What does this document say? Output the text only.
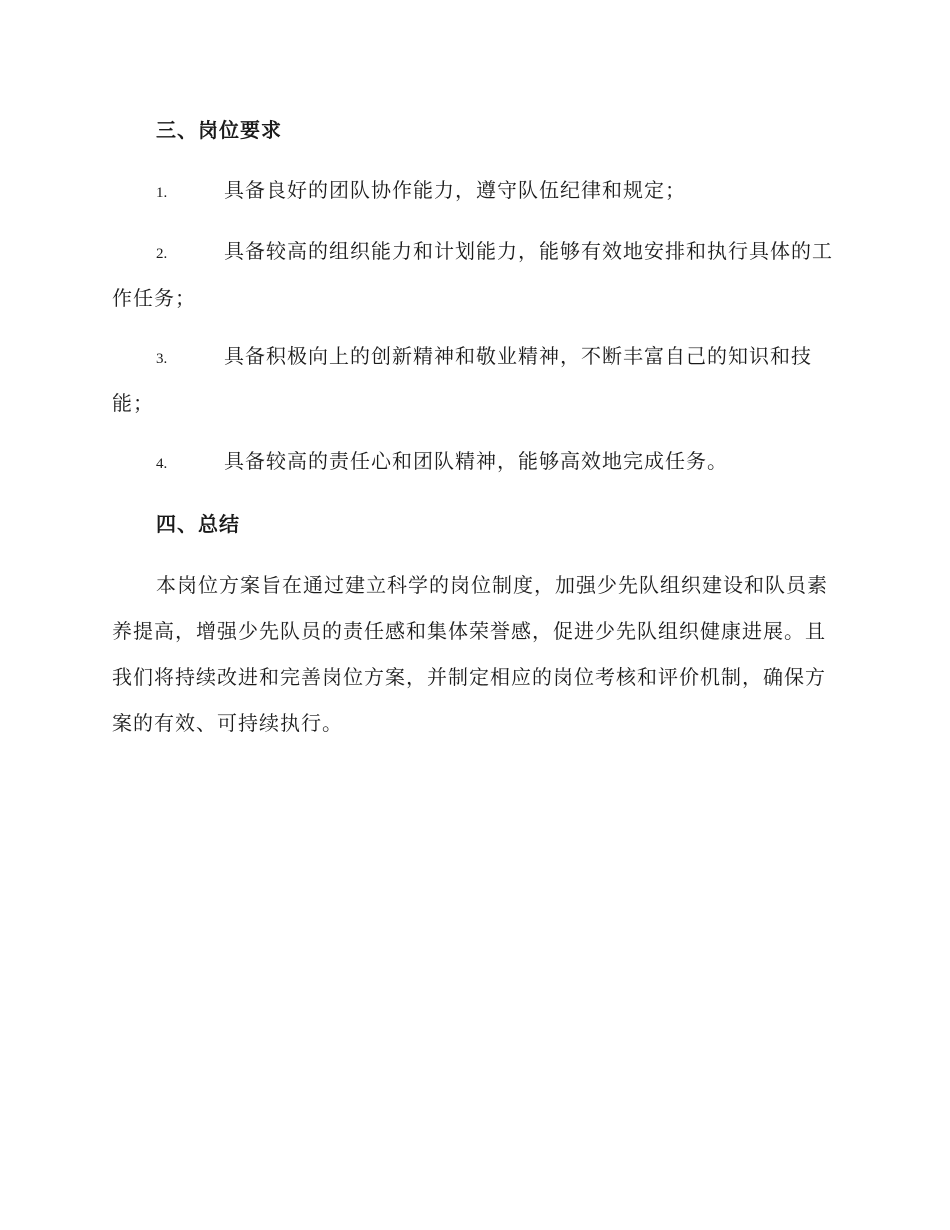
三、岗位要求

1.	具备良好的团队协作能力，遵守队伍纪律和规定；

2.	具备较高的组织能力和计划能力，能够有效地安排和执行具体的工作任务；

3.	具备积极向上的创新精神和敬业精神，不断丰富自己的知识和技能；

4.	具备较高的责任心和团队精神，能够高效地完成任务。

四、总结

本岗位方案旨在通过建立科学的岗位制度，加强少先队组织建设和队员素养提高，增强少先队员的责任感和集体荣誉感，促进少先队组织健康进展。且我们将持续改进和完善岗位方案，并制定相应的岗位考核和评价机制，确保方案的有效、可持续执行。
